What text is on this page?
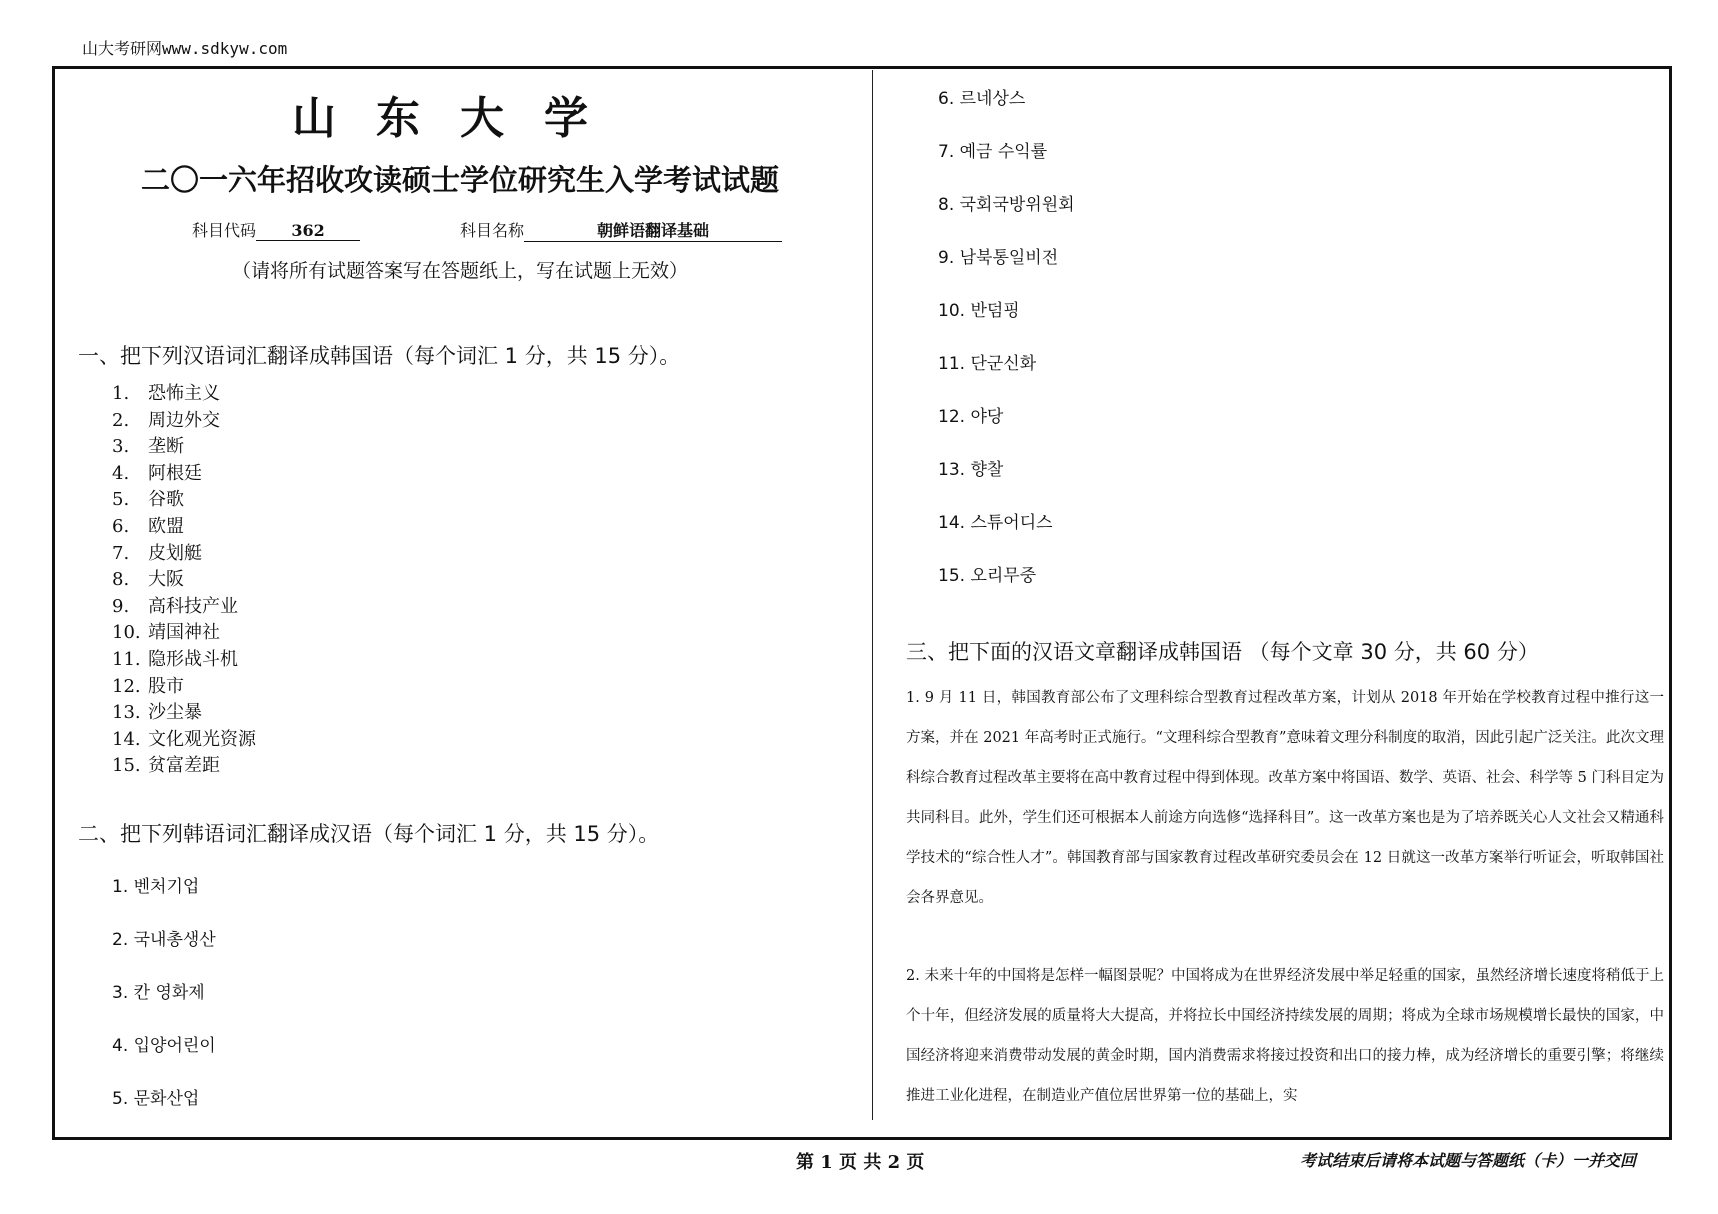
山大考研网www.sdkyw.com
山东大学
二〇一六年招收攻读硕士学位研究生入学考试试题
科目代码 362	科目名称	朝鲜语翻译基础
（请将所有试题答案写在答题纸上，写在试题上无效）
一、把下列汉语词汇翻译成韩国语（每个词汇 1 分，共 15 分）。
1. 恐怖主义
2. 周边外交
3. 垄断
4. 阿根廷
5. 谷歌
6. 欧盟
7. 皮划艇
8. 大阪
9. 高科技产业
10. 靖国神社
11. 隐形战斗机
12. 股市
13. 沙尘暴
14. 文化观光资源
15. 贫富差距
二、把下列韩语词汇翻译成汉语（每个词汇 1 分，共 15 分）。
1. 벤처기업
2. 국내총생산
3. 칸 영화제
4. 입양어린이
5. 문화산업
6. 르네상스
7. 예금 수익률
8. 국회국방위원회
9. 남북통일비전
10. 반덤핑
11. 단군신화
12. 야당
13. 향찰
14. 스튜어디스
15. 오리무중
三、把下面的汉语文章翻译成韩国语 （每个文章 30 分，共 60 分）
1. 9 月 11 日，韩国教育部公布了文理科综合型教育过程改革方案，计划从 2018 年开始在学校教育过程中推行这一方案，并在 2021 年高考时正式施行。“文理科综合型教育”意味着文理分科制度的取消，因此引起广泛关注。此次文理科综合教育过程改革主要将在高中教育过程中得到体现。改革方案中将国语、数学、英语、社会、科学等 5 门科目定为共同科目。此外，学生们还可根据本人前途方向选修“选择科目”。这一改革方案也是为了培养既关心人文社会又精通科学技术的“综合性人才”。韩国教育部与国家教育过程改革研究委员会在 12 日就这一改革方案举行听证会，听取韩国社会各界意见。
2. 未来十年的中国将是怎样一幅图景呢？中国将成为在世界经济发展中举足轻重的国家，虽然经济增长速度将稍低于上个十年，但经济发展的质量将大大提高，并将拉长中国经济持续发展的周期；将成为全球市场规模增长最快的国家，中国经济将迎来消费带动发展的黄金时期，国内消费需求将接过投资和出口的接力棒，成为经济增长的重要引擎；将继续推进工业化进程，在制造业产值位居世界第一位的基础上，实
第 1 页 共 2 页	考试结束后请将本试题与答题纸（卡）一并交回
